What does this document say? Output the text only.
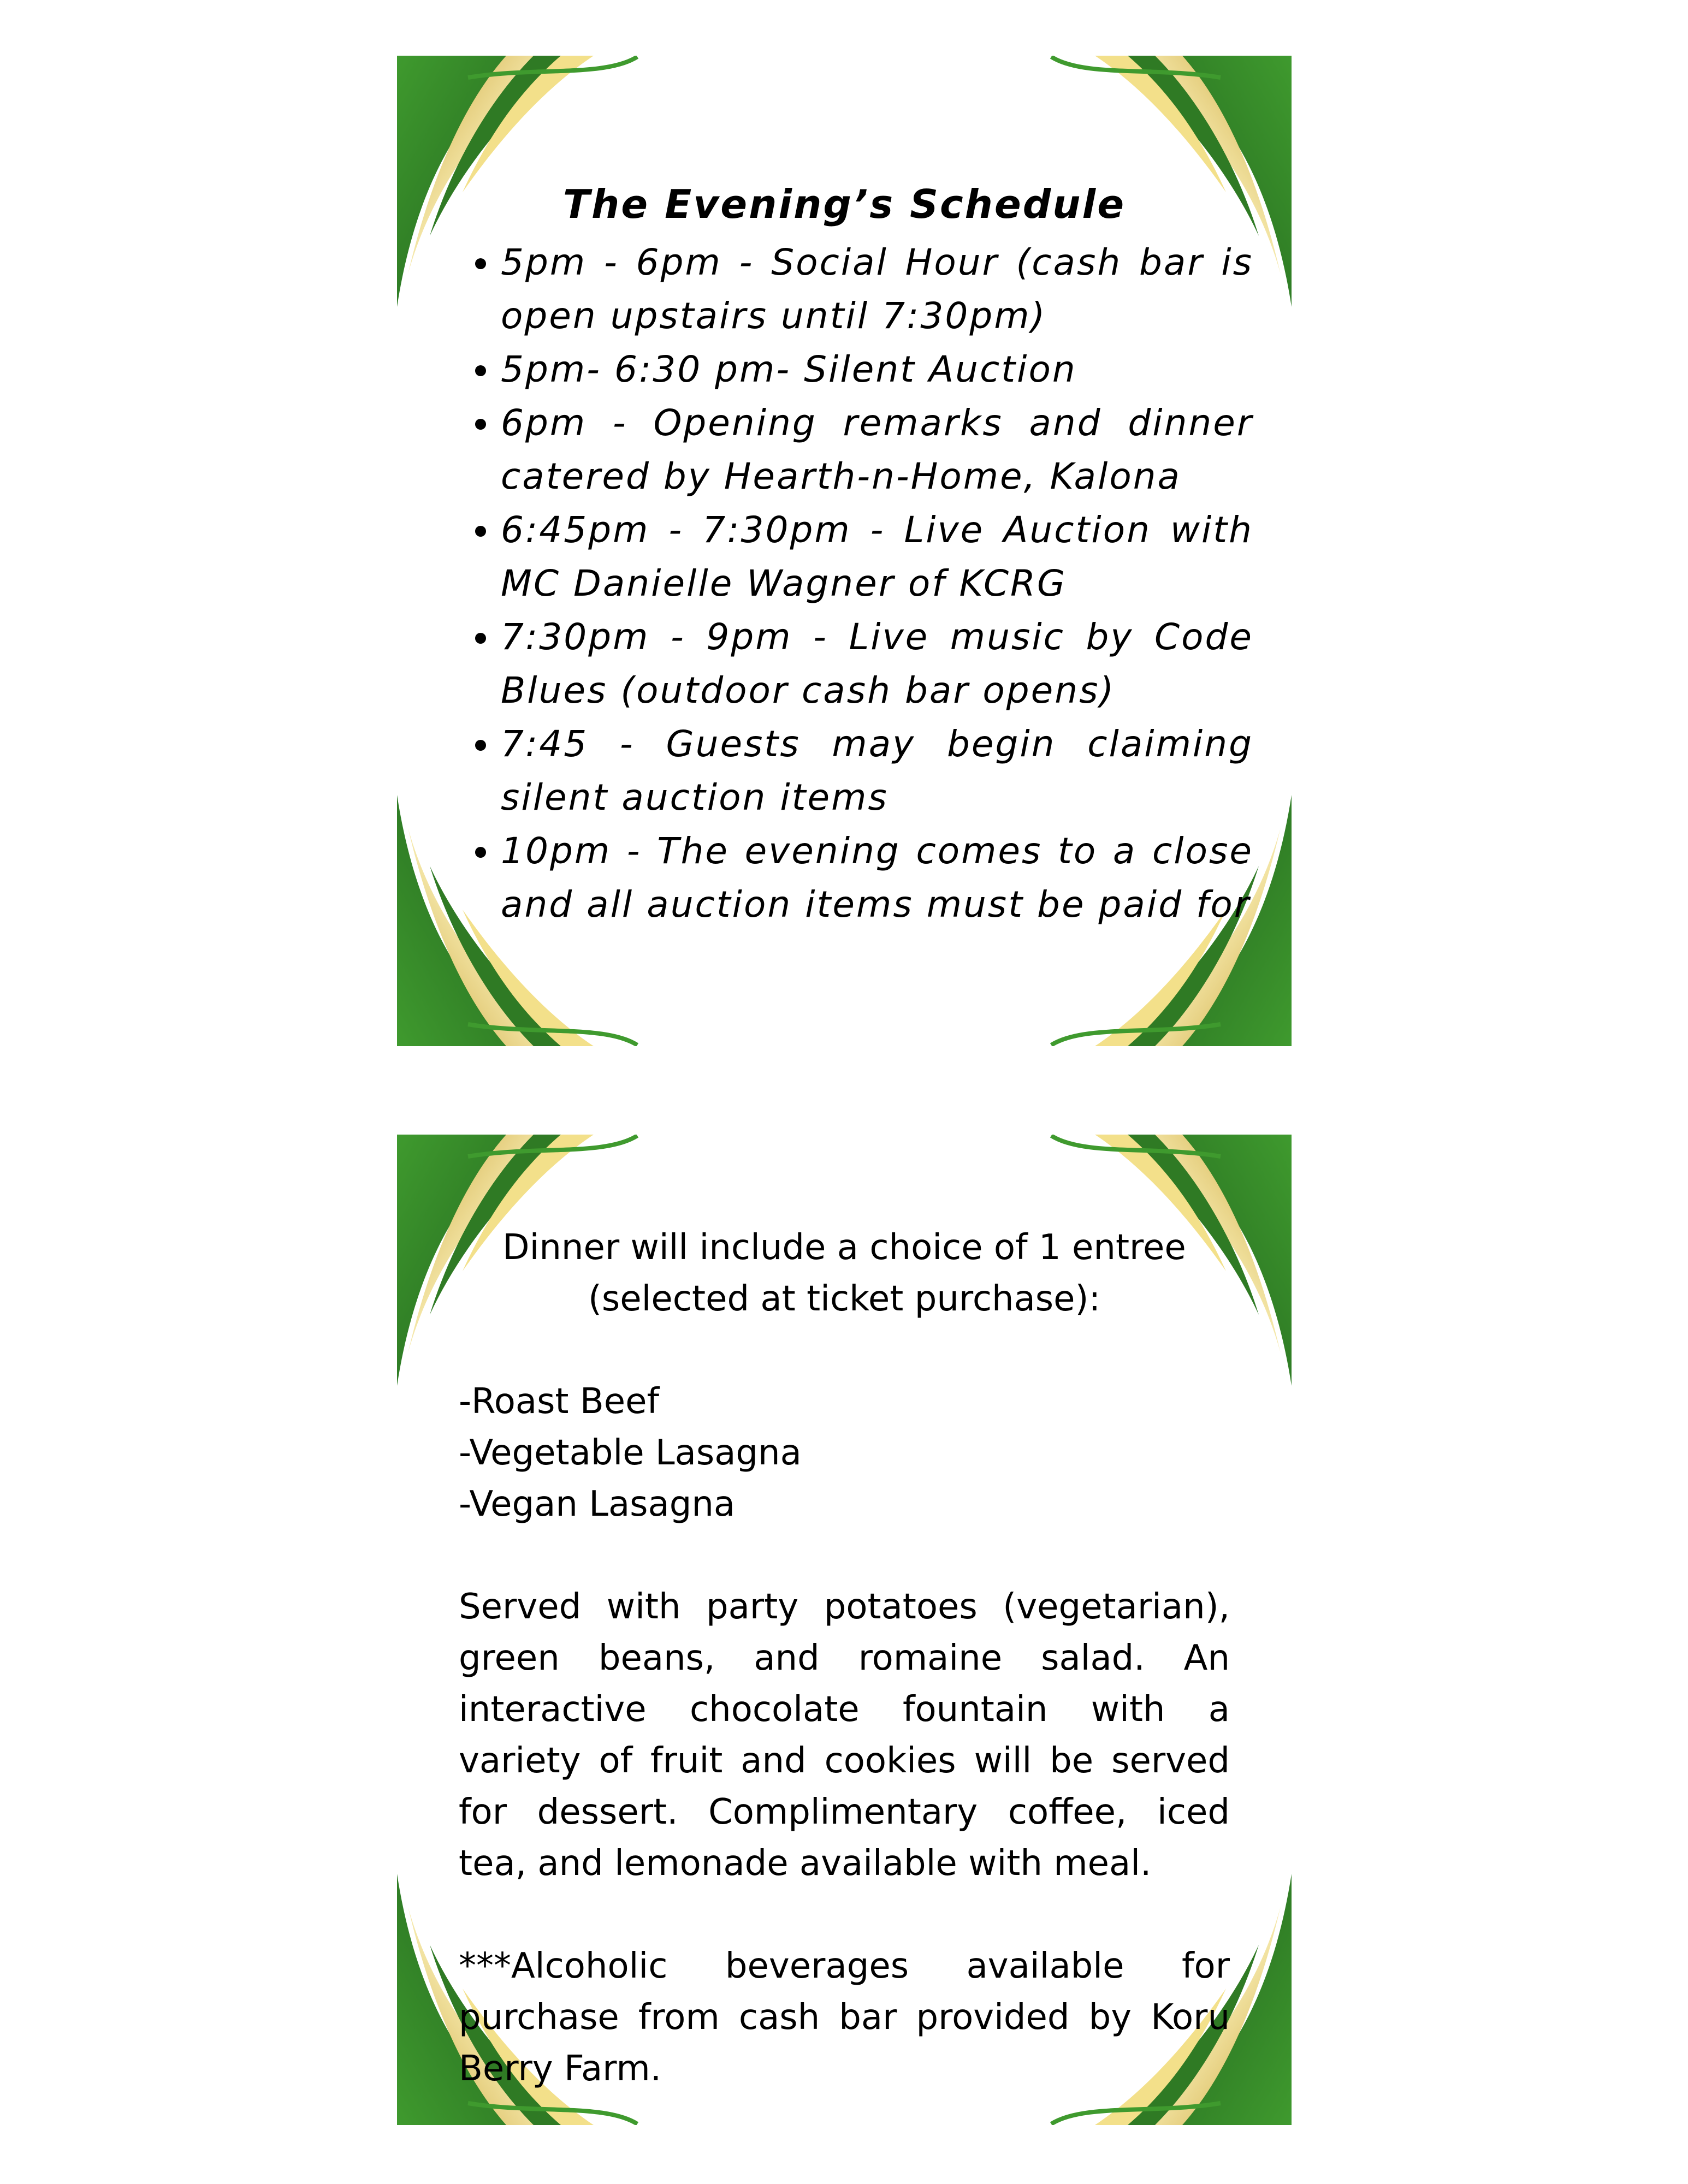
The Evening’s Schedule
• 5pm - 6pm - Social Hour (cash bar is open upstairs until 7:30pm)
• 5pm- 6:30 pm- Silent Auction
• 6pm - Opening remarks and dinner catered by Hearth-n-Home, Kalona
• 6:45pm - 7:30pm - Live Auction with MC Danielle Wagner of KCRG
• 7:30pm - 9pm - Live music by Code Blues (outdoor cash bar opens)
• 7:45 - Guests may begin claiming silent auction items
• 10pm - The evening comes to a close and all auction items must be paid for

Dinner will include a choice of 1 entree

(selected at ticket purchase):

-Roast Beef

-Vegetable Lasagna

-Vegan Lasagna

Served with party potatoes (vegetarian), green beans, and romaine salad. An interactive chocolate fountain with a variety of fruit and cookies will be served for dessert. Complimentary coffee, iced tea, and lemonade available with meal.

***Alcoholic beverages available for purchase from cash bar provided by Koru Berry Farm.
